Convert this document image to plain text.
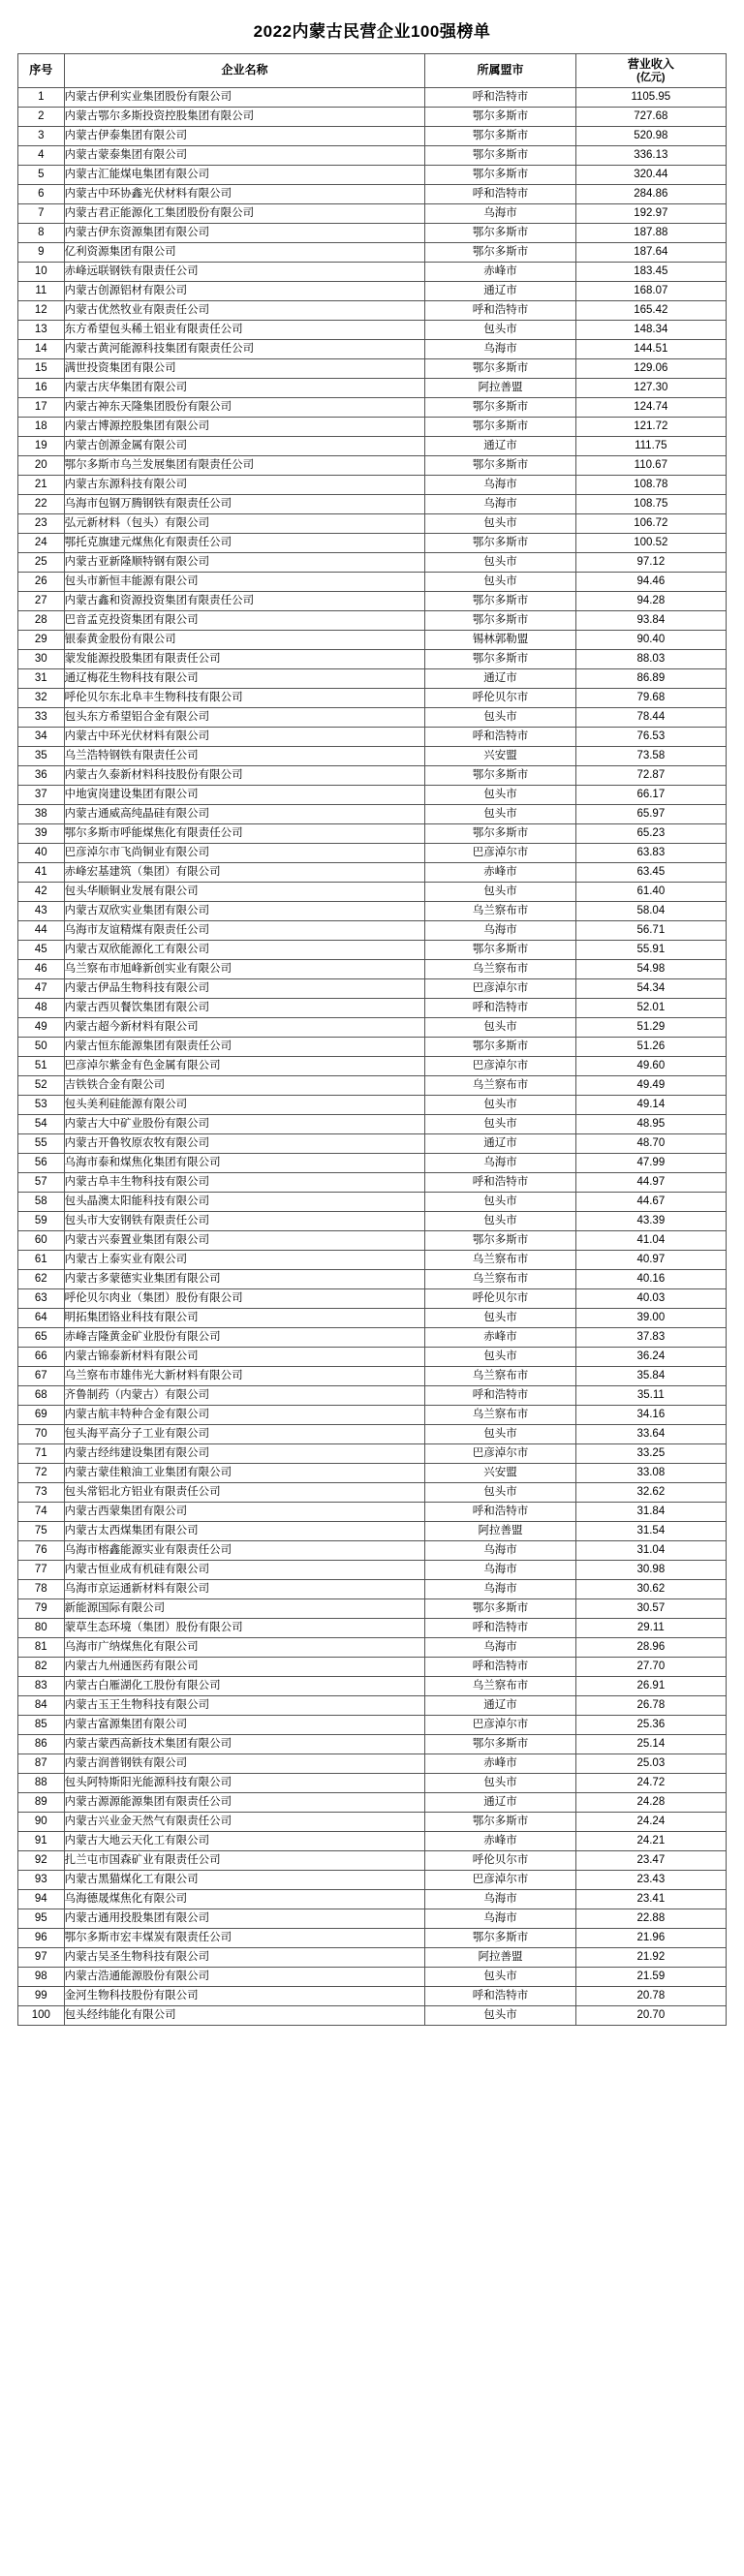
2022内蒙古民营企业100强榜单
序号	企业名称	所属盟市	营业收入
(亿元)

1	内蒙古伊利实业集团股份有限公司	呼和浩特市	1105.95
2	内蒙古鄂尔多斯投资控股集团有限公司	鄂尔多斯市	727.68
3	内蒙古伊泰集团有限公司	鄂尔多斯市	520.98
4	内蒙古蒙泰集团有限公司	鄂尔多斯市	336.13
5	内蒙古汇能煤电集团有限公司	鄂尔多斯市	320.44
6	内蒙古中环协鑫光伏材料有限公司	呼和浩特市	284.86
7	内蒙古君正能源化工集团股份有限公司	乌海市	192.97
8	内蒙古伊东资源集团有限公司	鄂尔多斯市	187.88
9	亿利资源集团有限公司	鄂尔多斯市	187.64
10	赤峰远联钢铁有限责任公司	赤峰市	183.45
11	内蒙古创源铝材有限公司	通辽市	168.07
12	内蒙古优然牧业有限责任公司	呼和浩特市	165.42
13	东方希望包头稀土铝业有限责任公司	包头市	148.34
14	内蒙古黄河能源科技集团有限责任公司	乌海市	144.51
15	满世投资集团有限公司	鄂尔多斯市	129.06
16	内蒙古庆华集团有限公司	阿拉善盟	127.30
17	内蒙古神东天隆集团股份有限公司	鄂尔多斯市	124.74
18	内蒙古博源控股集团有限公司	鄂尔多斯市	121.72
19	内蒙古创源金属有限公司	通辽市	111.75
20	鄂尔多斯市乌兰发展集团有限责任公司	鄂尔多斯市	110.67
21	内蒙古东源科技有限公司	乌海市	108.78
22	乌海市包钢万腾钢铁有限责任公司	乌海市	108.75
23	弘元新材料（包头）有限公司	包头市	106.72
24	鄂托克旗建元煤焦化有限责任公司	鄂尔多斯市	100.52
25	内蒙古亚新隆顺特钢有限公司	包头市	97.12
26	包头市新恒丰能源有限公司	包头市	94.46
27	内蒙古鑫和资源投资集团有限责任公司	鄂尔多斯市	94.28
28	巴音孟克投资集团有限公司	鄂尔多斯市	93.84
29	银泰黄金股份有限公司	锡林郭勒盟	90.40
30	蒙发能源投股集团有限责任公司	鄂尔多斯市	88.03
31	通辽梅花生物科技有限公司	通辽市	86.89
32	呼伦贝尔东北阜丰生物科技有限公司	呼伦贝尔市	79.68
33	包头东方希望铝合金有限公司	包头市	78.44
34	内蒙古中环光伏材料有限公司	呼和浩特市	76.53
35	乌兰浩特钢铁有限责任公司	兴安盟	73.58
36	内蒙古久泰新材料科技股份有限公司	鄂尔多斯市	72.87
37	中地寅岗建设集团有限公司	包头市	66.17
38	内蒙古通威高纯晶硅有限公司	包头市	65.97
39	鄂尔多斯市呼能煤焦化有限责任公司	鄂尔多斯市	65.23
40	巴彦淖尔市飞尚铜业有限公司	巴彦淖尔市	63.83
41	赤峰宏基建筑（集团）有限公司	赤峰市	63.45
42	包头华顺铜业发展有限公司	包头市	61.40
43	内蒙古双欣实业集团有限公司	乌兰察布市	58.04
44	乌海市友谊精煤有限责任公司	乌海市	56.71
45	内蒙古双欣能源化工有限公司	鄂尔多斯市	55.91
46	乌兰察布市旭峰新创实业有限公司	乌兰察布市	54.98
47	内蒙古伊品生物科技有限公司	巴彦淖尔市	54.34
48	内蒙古西贝餐饮集团有限公司	呼和浩特市	52.01
49	内蒙古超今新材料有限公司	包头市	51.29
50	内蒙古恒东能源集团有限责任公司	鄂尔多斯市	51.26
51	巴彦淖尔紫金有色金属有限公司	巴彦淖尔市	49.60
52	吉铁铁合金有限公司	乌兰察布市	49.49
53	包头美利硅能源有限公司	包头市	49.14
54	内蒙古大中矿业股份有限公司	包头市	48.95
55	内蒙古开鲁牧原农牧有限公司	通辽市	48.70
56	乌海市泰和煤焦化集团有限公司	乌海市	47.99
57	内蒙古阜丰生物科技有限公司	呼和浩特市	44.97
58	包头晶澳太阳能科技有限公司	包头市	44.67
59	包头市大安钢铁有限责任公司	包头市	43.39
60	内蒙古兴泰置业集团有限公司	鄂尔多斯市	41.04
61	内蒙古上泰实业有限公司	乌兰察布市	40.97
62	内蒙古多蒙德实业集团有限公司	乌兰察布市	40.16
63	呼伦贝尔肉业（集团）股份有限公司	呼伦贝尔市	40.03
64	明拓集团铬业科技有限公司	包头市	39.00
65	赤峰吉隆黄金矿业股份有限公司	赤峰市	37.83
66	内蒙古锦泰新材料有限公司	包头市	36.24
67	乌兰察布市雄伟光大新材料有限公司	乌兰察布市	35.84
68	齐鲁制药（内蒙古）有限公司	呼和浩特市	35.11
69	内蒙古航丰特种合金有限公司	乌兰察布市	34.16
70	包头海平高分子工业有限公司	包头市	33.64
71	内蒙古经纬建设集团有限公司	巴彦淖尔市	33.25
72	内蒙古蒙佳粮油工业集团有限公司	兴安盟	33.08
73	包头常铝北方铝业有限责任公司	包头市	32.62
74	内蒙古西蒙集团有限公司	呼和浩特市	31.84
75	内蒙古太西煤集团有限公司	阿拉善盟	31.54
76	乌海市榕鑫能源实业有限责任公司	乌海市	31.04
77	内蒙古恒业成有机硅有限公司	乌海市	30.98
78	乌海市京运通新材料有限公司	乌海市	30.62
79	新能源国际有限公司	鄂尔多斯市	30.57
80	蒙草生态环境（集团）股份有限公司	呼和浩特市	29.11
81	乌海市广纳煤焦化有限公司	乌海市	28.96
82	内蒙古九州通医药有限公司	呼和浩特市	27.70
83	内蒙古白雁湖化工股份有限公司	乌兰察布市	26.91
84	内蒙古玉王生物科技有限公司	通辽市	26.78
85	内蒙古富源集团有限公司	巴彦淖尔市	25.36
86	内蒙古蒙西高新技术集团有限公司	鄂尔多斯市	25.14
87	内蒙古润普钢铁有限公司	赤峰市	25.03
88	包头阿特斯阳光能源科技有限公司	包头市	24.72
89	内蒙古源源能源集团有限责任公司	通辽市	24.28
90	内蒙古兴业金天然气有限责任公司	鄂尔多斯市	24.24
91	内蒙古大地云天化工有限公司	赤峰市	24.21
92	扎兰屯市国森矿业有限责任公司	呼伦贝尔市	23.47
93	内蒙古黑猫煤化工有限公司	巴彦淖尔市	23.43
94	乌海德晟煤焦化有限公司	乌海市	23.41
95	内蒙古通用投股集团有限公司	乌海市	22.88
96	鄂尔多斯市宏丰煤炭有限责任公司	鄂尔多斯市	21.96
97	内蒙古吴圣生物科技有限公司	阿拉善盟	21.92
98	内蒙古浩通能源股份有限公司	包头市	21.59
99	金河生物科技股份有限公司	呼和浩特市	20.78
100	包头经纬能化有限公司	包头市	20.70
